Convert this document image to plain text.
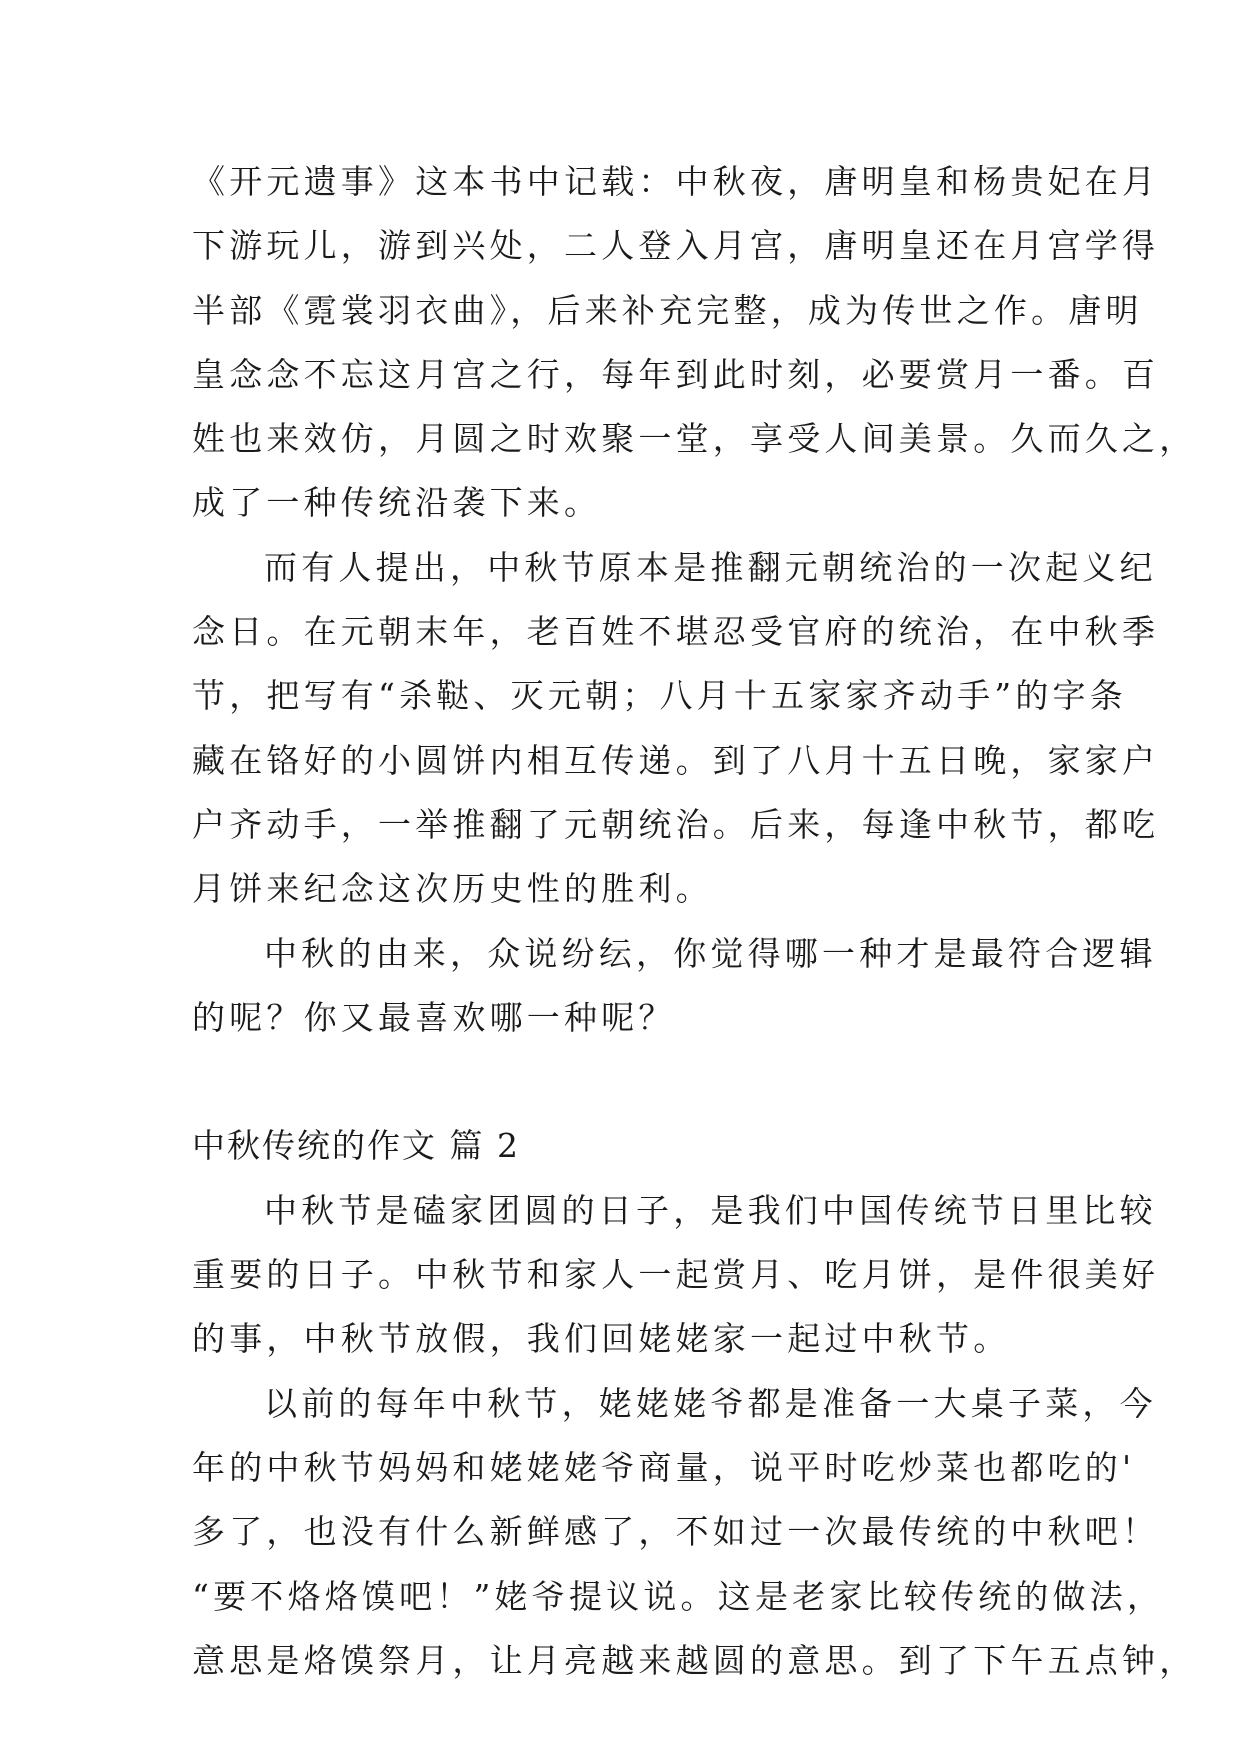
《开元遗事》这本书中记载：中秋夜，唐明皇和杨贵妃在月
下游玩儿，游到兴处，二人登入月宫，唐明皇还在月宫学得
半部《霓裳羽衣曲》，后来补充完整，成为传世之作。唐明
皇念念不忘这月宫之行，每年到此时刻，必要赏月一番。百
姓也来效仿，月圆之时欢聚一堂，享受人间美景。久而久之，
成了一种传统沿袭下来。
而有人提出，中秋节原本是推翻元朝统治的一次起义纪
念日。在元朝末年，老百姓不堪忍受官府的统治，在中秋季
节，把写有“杀鞑、灭元朝；八月十五家家齐动手”的字条
藏在铬好的小圆饼内相互传递。到了八月十五日晚，家家户
户齐动手，一举推翻了元朝统治。后来，每逢中秋节，都吃
月饼来纪念这次历史性的胜利。
中秋的由来，众说纷纭，你觉得哪一种才是最符合逻辑
的呢？你又最喜欢哪一种呢？
中秋传统的作文 篇 2
中秋节是磕家团圆的日子，是我们中国传统节日里比较
重要的日子。中秋节和家人一起赏月、吃月饼，是件很美好
的事，中秋节放假，我们回姥姥家一起过中秋节。
以前的每年中秋节，姥姥姥爷都是准备一大桌子菜，今
年的中秋节妈妈和姥姥姥爷商量，说平时吃炒菜也都吃的'
多了，也没有什么新鲜感了，不如过一次最传统的中秋吧！
“要不烙烙馍吧！”姥爷提议说。这是老家比较传统的做法，
意思是烙馍祭月，让月亮越来越圆的意思。到了下午五点钟，
